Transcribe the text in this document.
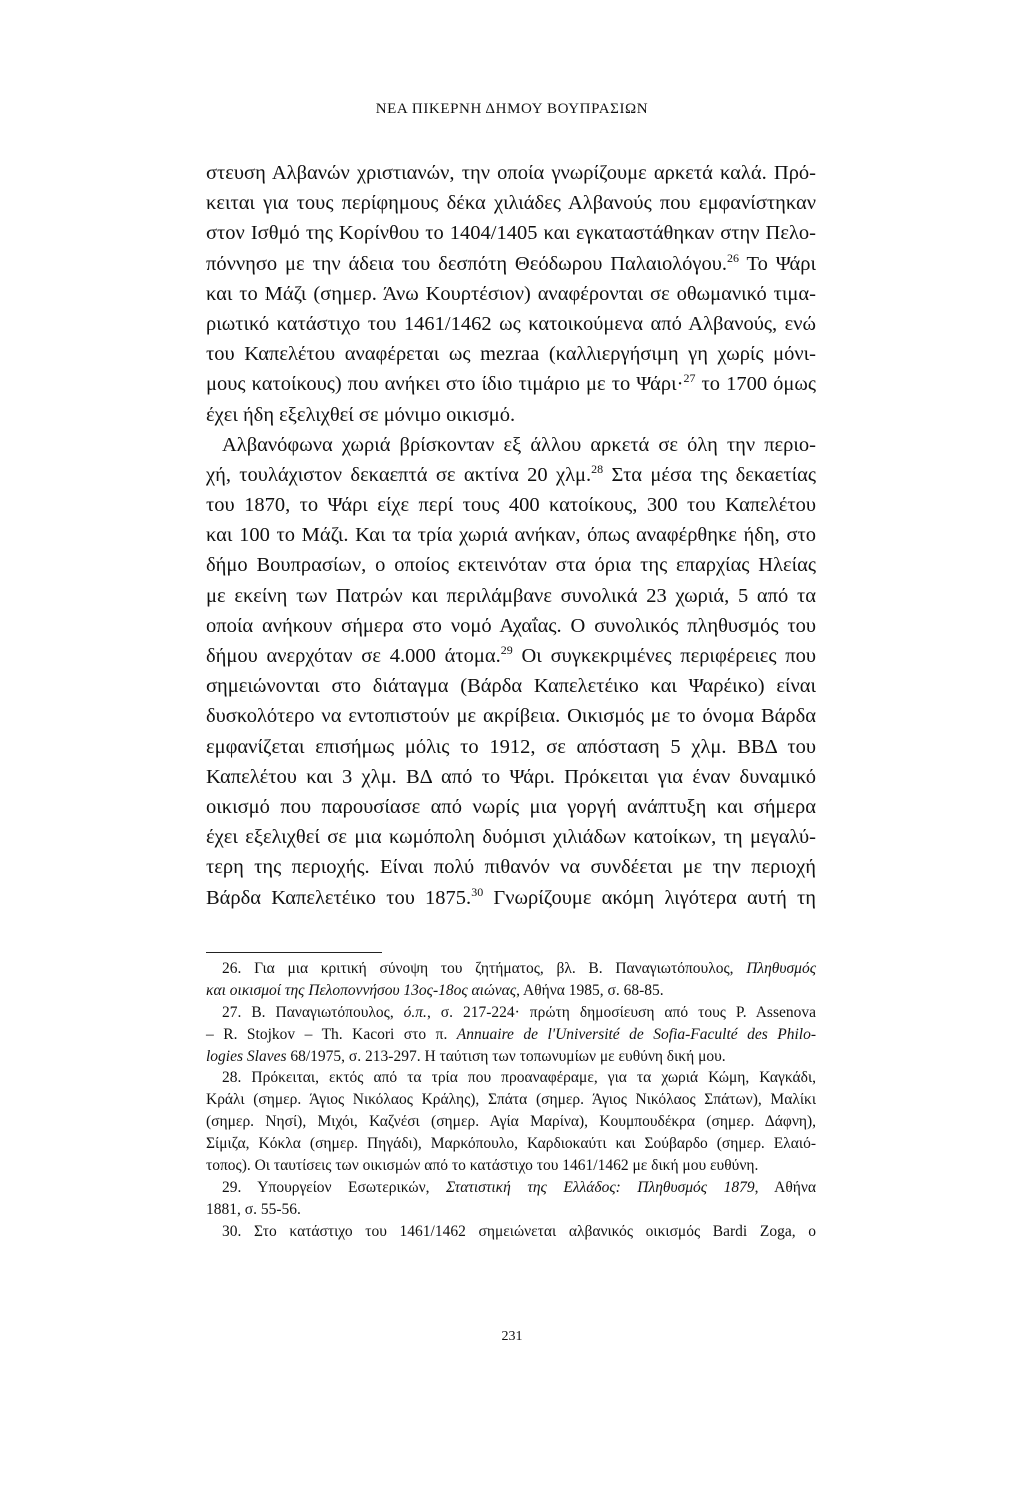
ΝΕΑ ΠΙΚΕΡΝΗ ΔΗΜΟΥ ΒΟΥΠΡΑΣΙΩΝ
στευση Αλβανών χριστιανών, την οποία γνωρίζουμε αρκετά καλά. Πρό-
κειται για τους περίφημους δέκα χιλιάδες Αλβανούς που εμφανίστηκαν
στον Ισθμό της Κορίνθου το 1404/1405 και εγκαταστάθηκαν στην Πελο-
πόννησο με την άδεια του δεσπότη Θεόδωρου Παλαιολόγου.$^{26}$ Το Ψάρι
και το Μάζι (σημερ. Άνω Κουρτέσιον) αναφέρονται σε οθωμανικό τιμα-
ριωτικό κατάστιχο του 1461/1462 ως κατοικούμενα από Αλβανούς, ενώ
του Καπελέτου αναφέρεται ως mezraa (καλλιεργήσιμη γη χωρίς μόνι-
μους κατοίκους) που ανήκει στο ίδιο τιμάριο με το Ψάρι·$^{27}$ το 1700 όμως
έχει ήδη εξελιχθεί σε μόνιμο οικισμό.
Αλβανόφωνα χωριά βρίσκονταν εξ άλλου αρκετά σε όλη την περιο-
χή, τουλάχιστον δεκαεπτά σε ακτίνα 20 χλμ.$^{28}$ Στα μέσα της δεκαετίας
του 1870, το Ψάρι είχε περί τους 400 κατοίκους, 300 του Καπελέτου
και 100 το Μάζι. Και τα τρία χωριά ανήκαν, όπως αναφέρθηκε ήδη, στο
δήμο Βουπρασίων, ο οποίος εκτεινόταν στα όρια της επαρχίας Ηλείας
με εκείνη των Πατρών και περιλάμβανε συνολικά 23 χωριά, 5 από τα
οποία ανήκουν σήμερα στο νομό Αχαΐας. Ο συνολικός πληθυσμός του
δήμου ανερχόταν σε 4.000 άτομα.$^{29}$ Οι συγκεκριμένες περιφέρειες που
σημειώνονται στο διάταγμα (Βάρδα Καπελετέικο και Ψαρέικο) είναι
δυσκολότερο να εντοπιστούν με ακρίβεια. Οικισμός με το όνομα Βάρδα
εμφανίζεται επισήμως μόλις το 1912, σε απόσταση 5 χλμ. ΒΒΔ του
Καπελέτου και 3 χλμ. ΒΔ από το Ψάρι. Πρόκειται για έναν δυναμικό
οικισμό που παρουσίασε από νωρίς μια γοργή ανάπτυξη και σήμερα
έχει εξελιχθεί σε μια κωμόπολη δυόμισι χιλιάδων κατοίκων, τη μεγαλύ-
τερη της περιοχής. Είναι πολύ πιθανόν να συνδέεται με την περιοχή
Βάρδα Καπελετέικο του 1875.30 Γνωρίζουμε ακόμη λιγότερα αυτή τη
26. Για μια κριτική σύνοψη του ζητήματος, βλ. Β. Παναγιωτόπουλος, Πληθυσμός
και οικισμοί της Πελοποννήσου 13ος-18ος αιώνας, Αθήνα 1985, σ. 68-85.
27. Β. Παναγιωτόπουλος, ό.π., σ. 217-224· πρώτη δημοσίευση από τους P. Assenova
– R. Stojkov – Th. Kacori στο π. Annuaire de l'Université de Sofia-Faculté des Philo-
logies Slaves 68/1975, σ. 213-297. Η ταύτιση των τοπωνυμίων με ευθύνη δική μου.
28. Πρόκειται, εκτός από τα τρία που προαναφέραμε, για τα χωριά Κώμη, Καγκάδι,
Κράλι (σημερ. Άγιος Νικόλαος Κράλης), Σπάτα (σημερ. Άγιος Νικόλαος Σπάτων), Μαλίκι
(σημερ. Νησί), Μιχόι, Καζνέσι (σημερ. Αγία Μαρίνα), Κουμπουδέκρα (σημερ. Δάφνη),
Σίμιζα, Κόκλα (σημερ. Πηγάδι), Μαρκόπουλο, Καρδιοκαύτι και Σούβαρδο (σημερ. Ελαιό-
τοπος). Οι ταυτίσεις των οικισμών από το κατάστιχο του 1461/1462 με δική μου ευθύνη.
29. Υπουργείον Εσωτερικών, Στατιστική της Ελλάδος: Πληθυσμός 1879, Αθήνα
1881, σ. 55-56.
30. Στο κατάστιχο του 1461/1462 σημειώνεται αλβανικός οικισμός Bardi Zoga, ο
231
